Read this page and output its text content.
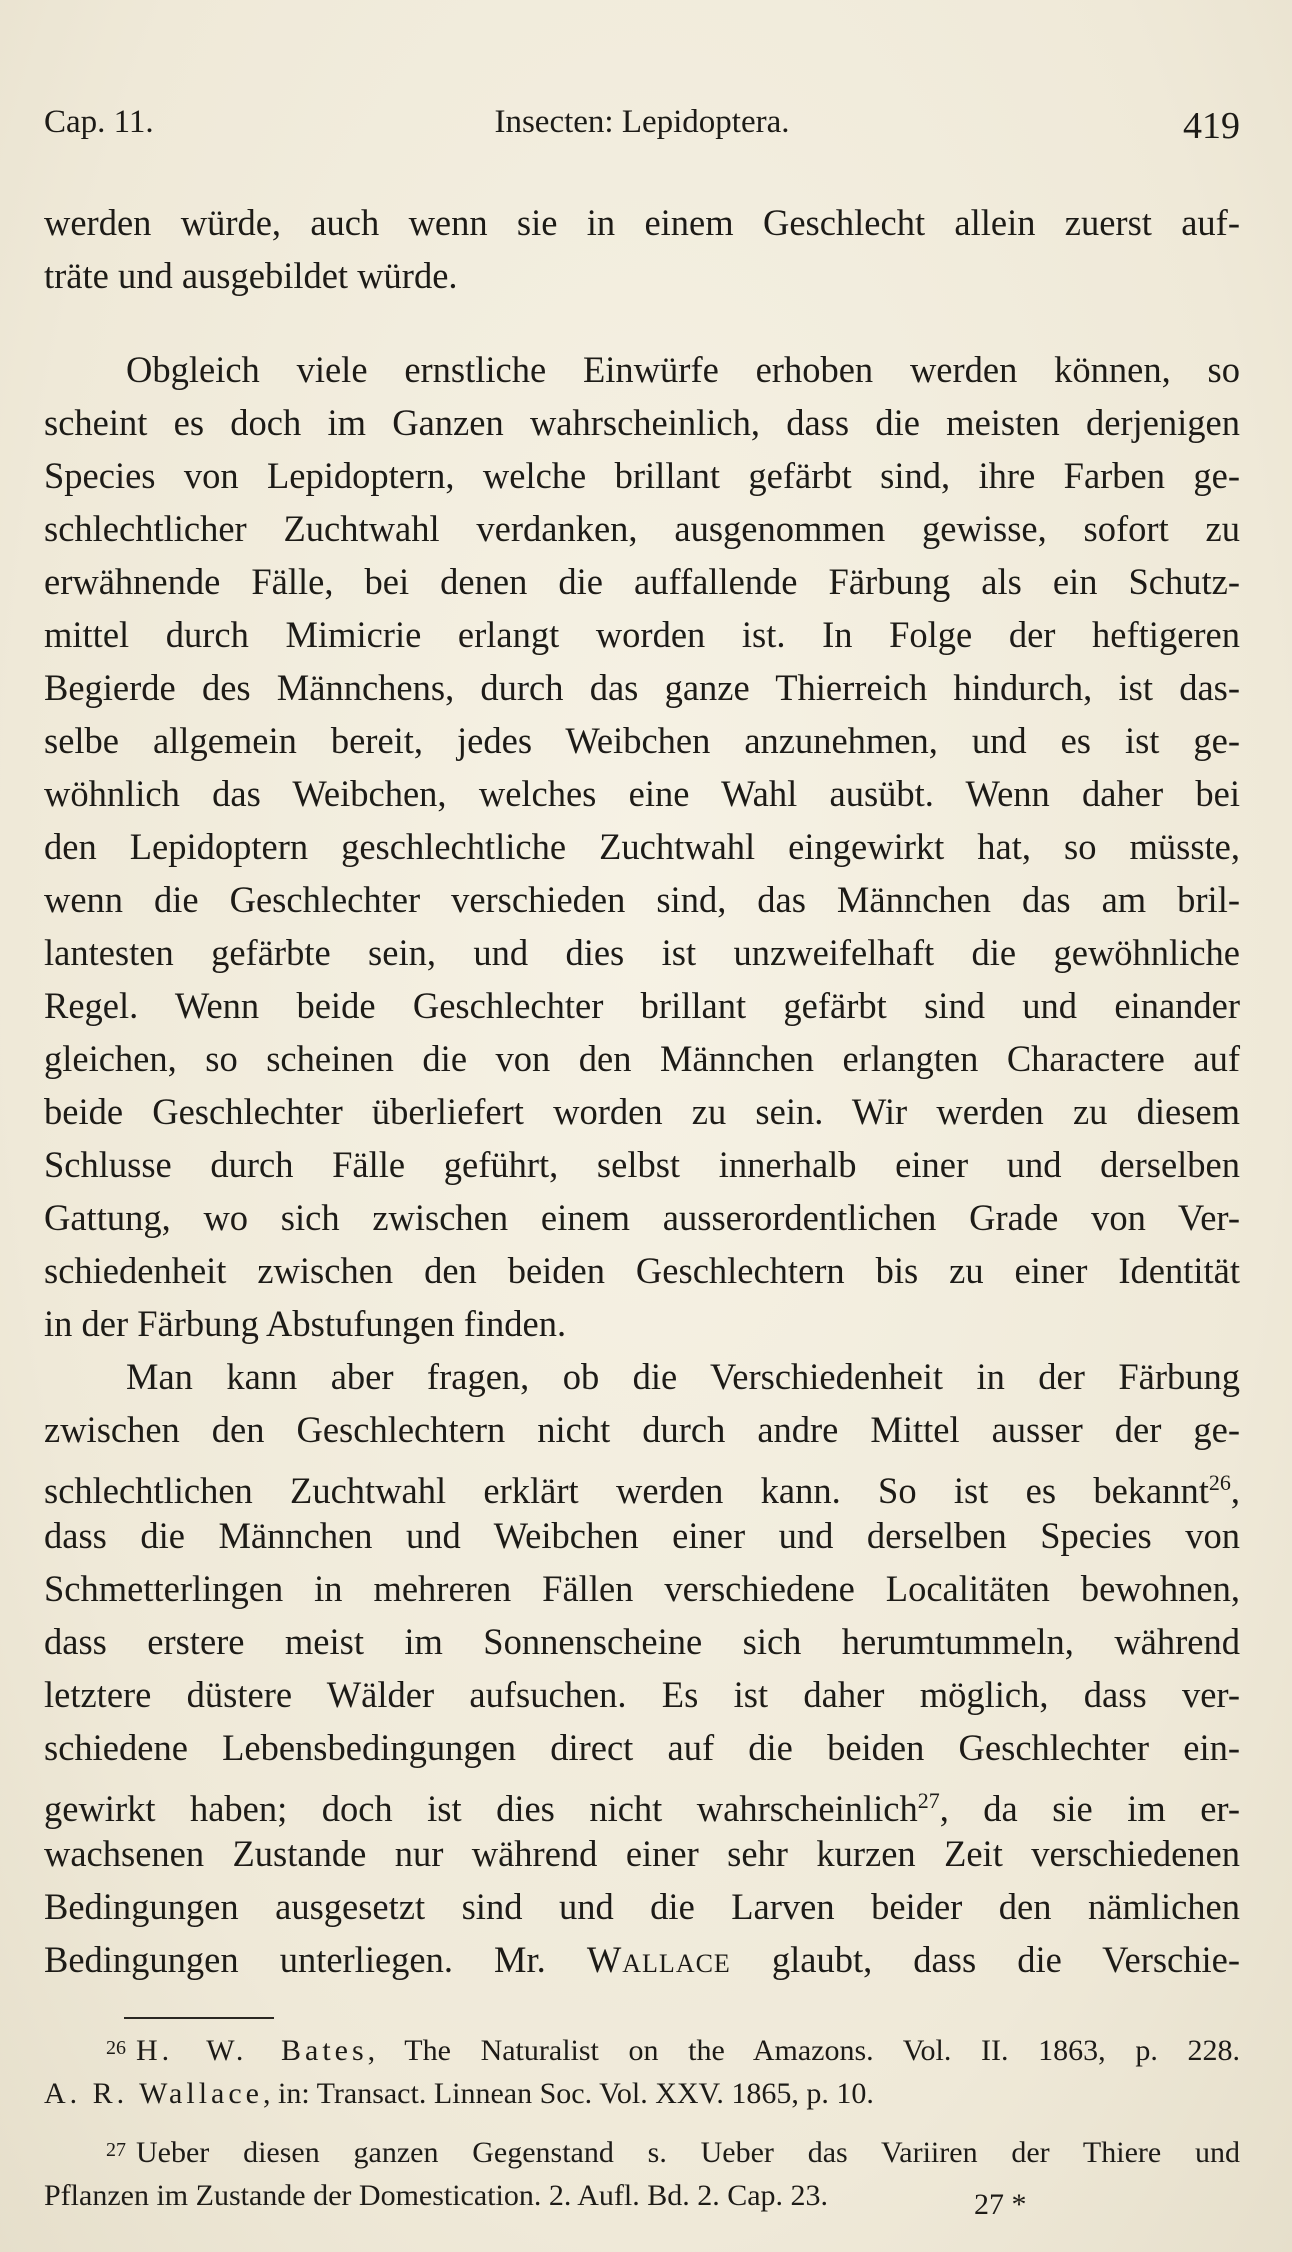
Cap. 11.	Insecten: Lepidoptera.	419
werden würde, auch wenn sie in einem Geschlecht allein zuerst auf-
träte und ausgebildet würde.
Obgleich viele ernstliche Einwürfe erhoben werden können, so
scheint es doch im Ganzen wahrscheinlich, dass die meisten derjenigen
Species von Lepidoptern, welche brillant gefärbt sind, ihre Farben ge-
schlechtlicher Zuchtwahl verdanken, ausgenommen gewisse, sofort zu
erwähnende Fälle, bei denen die auffallende Färbung als ein Schutz-
mittel durch Mimicrie erlangt worden ist. In Folge der heftigeren
Begierde des Männchens, durch das ganze Thierreich hindurch, ist das-
selbe allgemein bereit, jedes Weibchen anzunehmen, und es ist ge-
wöhnlich das Weibchen, welches eine Wahl ausübt. Wenn daher bei
den Lepidoptern geschlechtliche Zuchtwahl eingewirkt hat, so müsste,
wenn die Geschlechter verschieden sind, das Männchen das am bril-
lantesten gefärbte sein, und dies ist unzweifelhaft die gewöhnliche
Regel. Wenn beide Geschlechter brillant gefärbt sind und einander
gleichen, so scheinen die von den Männchen erlangten Charactere auf
beide Geschlechter überliefert worden zu sein. Wir werden zu diesem
Schlusse durch Fälle geführt, selbst innerhalb einer und derselben
Gattung, wo sich zwischen einem ausserordentlichen Grade von Ver-
schiedenheit zwischen den beiden Geschlechtern bis zu einer Identität
in der Färbung Abstufungen finden.
Man kann aber fragen, ob die Verschiedenheit in der Färbung
zwischen den Geschlechtern nicht durch andre Mittel ausser der ge-
schlechtlichen Zuchtwahl erklärt werden kann. So ist es bekannt$^{26}$,
dass die Männchen und Weibchen einer und derselben Species von
Schmetterlingen in mehreren Fällen verschiedene Localitäten bewohnen,
dass erstere meist im Sonnenscheine sich herumtummeln, während
letztere düstere Wälder aufsuchen. Es ist daher möglich, dass ver-
schiedene Lebensbedingungen direct auf die beiden Geschlechter ein-
gewirkt haben; doch ist dies nicht wahrscheinlich$^{27}$, da sie im er-
wachsenen Zustande nur während einer sehr kurzen Zeit verschiedenen
Bedingungen ausgesetzt sind und die Larven beider den nämlichen
Bedingungen unterliegen. Mr. Wallace glaubt, dass die Verschie-
$^{26}$ H. W. Bates, The Naturalist on the Amazons. Vol. II. 1863, p. 228.
A. R. Wallace, in: Transact. Linnean Soc. Vol. XXV. 1865, p. 10.
$^{27}$ Ueber diesen ganzen Gegenstand s. Ueber das Variiren der Thiere und
Pflanzen im Zustande der Domestication. 2. Aufl. Bd. 2. Cap. 23.	27 *
